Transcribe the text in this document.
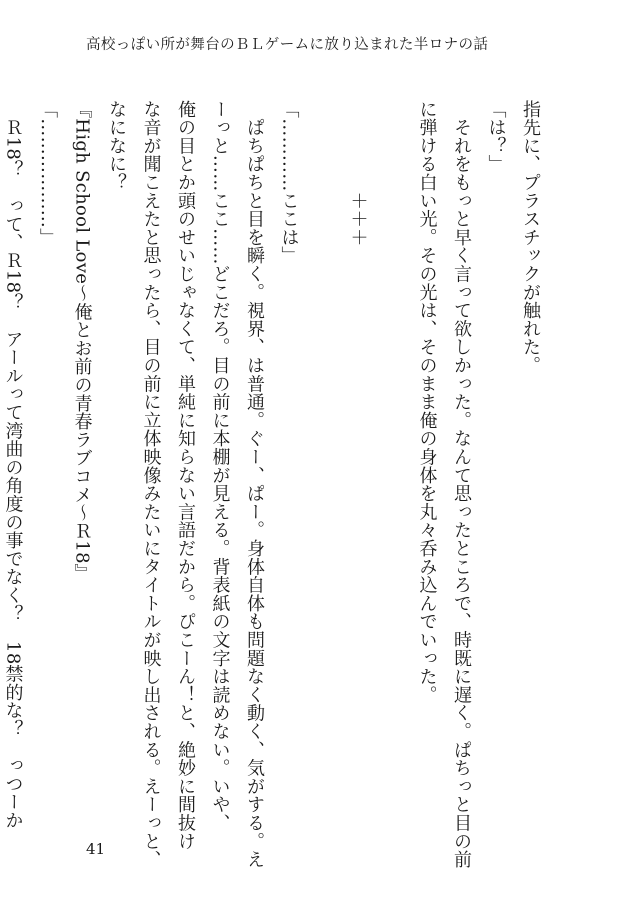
高校っぽい所が舞台のＢＬゲームに放り込まれた半ロナの話
指先に、プラスチックが触れた。
「は？」
　それをもっと早く言って欲しかった。なんて思ったところで、時既に遅く。ぱちっと目の前
に弾ける白い光。その光は、そのまま俺の身体を丸々呑み込んでいった。

　　　　　＋＋＋

「…………ここは」
　ぱちぱちと目を瞬く。視界、は普通。ぐー、ぱー。身体自体も問題なく動く、気がする。え
ーっと……ここ……どこだろ。目の前に本棚が見える。背表紙の文字は読めない。いや、
俺の目とか頭のせいじゃなくて、単純に知らない言語だから。ぴこーん！と、絶妙に間抜け
な音が聞こえたと思ったら、目の前に立体映像みたいにタイトルが映し出される。えーっと、
なになに？
『High School Love～俺とお前の青春ラブコメ～Ｒ18』
「………………」
　Ｒ18？　って、Ｒ18？　アールって湾曲の角度の事でなく？　18禁的な？　っつーか
41
